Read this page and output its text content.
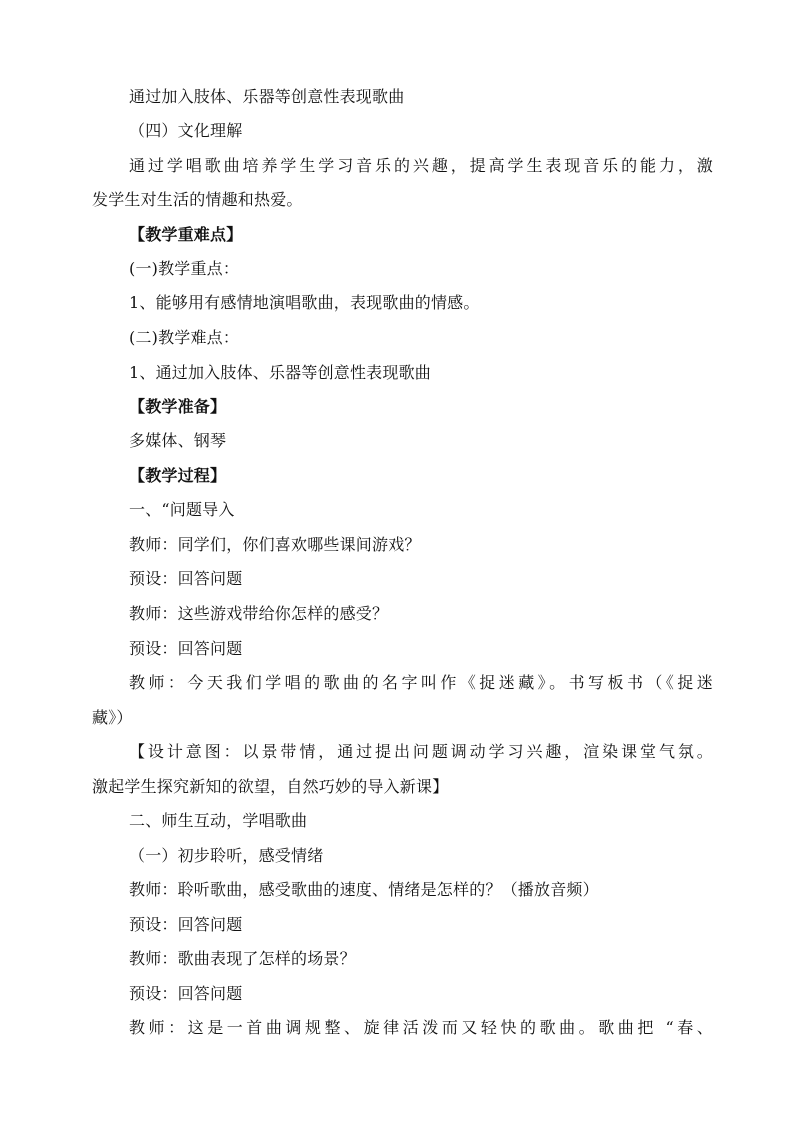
通过加入肢体、乐器等创意性表现歌曲
（四）文化理解
通过学唱歌曲培养学生学习音乐的兴趣，提高学生表现音乐的能力，激
发学生对生活的情趣和热爱。
【教学重难点】
(一)教学重点：
1、能够用有感情地演唱歌曲，表现歌曲的情感。
(二)教学难点：
1、通过加入肢体、乐器等创意性表现歌曲
【教学准备】
多媒体、钢琴
【教学过程】
一、“问题导入
教师：同学们，你们喜欢哪些课间游戏？
预设：回答问题
教师：这些游戏带给你怎样的感受？
预设：回答问题
教师：今天我们学唱的歌曲的名字叫作《捉迷藏》。书写板书（《捉迷
藏》）
【设计意图：以景带情，通过提出问题调动学习兴趣，渲染课堂气氛。
激起学生探究新知的欲望，自然巧妙的导入新课】
二、师生互动，学唱歌曲
（一）初步聆听，感受情绪
教师：聆听歌曲，感受歌曲的速度、情绪是怎样的？（播放音频）
预设：回答问题
教师：歌曲表现了怎样的场景？
预设：回答问题
教师：这是一首曲调规整、旋律活泼而又轻快的歌曲。歌曲把 “春、
